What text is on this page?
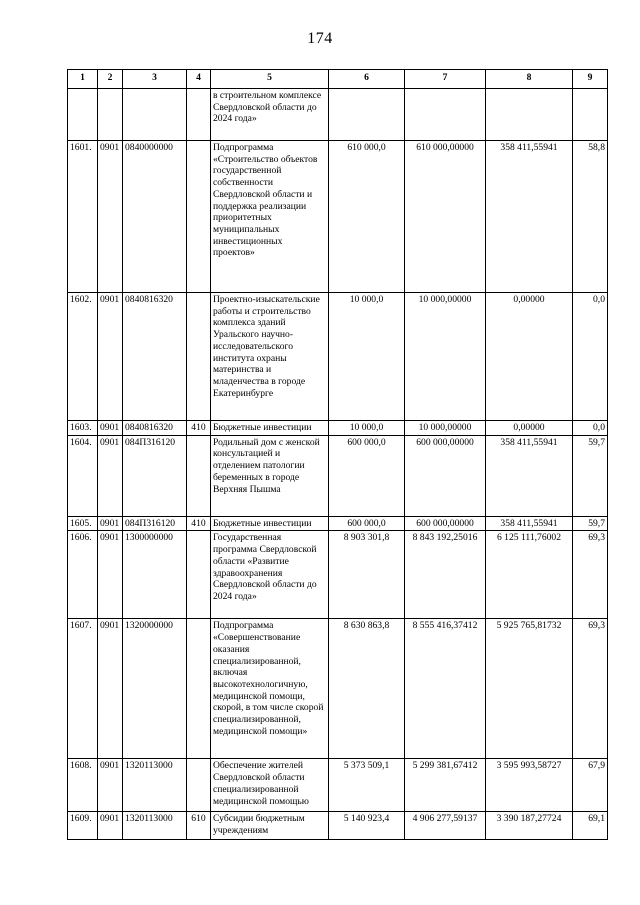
174
1	2	3	4	5	6	7	8	9
				в строительном комплексе Свердловской области до 2024 года»				
1601.	0901	0840000000		Подпрограмма «Строительство объектов государственной собственности Свердловской области и поддержка реализации приоритетных муниципальных инвестиционных проектов»	610 000,0	610 000,00000	358 411,55941	58,8
1602.	0901	0840816320		Проектно-изыскательские работы и строительство комплекса зданий Уральского научно-исследовательского института охраны материнства и младенчества в городе Екатеринбурге	10 000,0	10 000,00000	0,00000	0,0
1603.	0901	0840816320	410	Бюджетные инвестиции	10 000,0	10 000,00000	0,00000	0,0
1604.	0901	084П316120		Родильный дом с женской консультацией и отделением патологии беременных в городе Верхняя Пышма	600 000,0	600 000,00000	358 411,55941	59,7
1605.	0901	084П316120	410	Бюджетные инвестиции	600 000,0	600 000,00000	358 411,55941	59,7
1606.	0901	1300000000		Государственная программа Свердловской области «Развитие здравоохранения Свердловской области до 2024 года»	8 903 301,8	8 843 192,25016	6 125 111,76002	69,3
1607.	0901	1320000000		Подпрограмма «Совершенствование оказания специализированной, включая высокотехнологичную, медицинской помощи, скорой, в том числе скорой специализированной, медицинской помощи»	8 630 863,8	8 555 416,37412	5 925 765,81732	69,3
1608.	0901	1320113000		Обеспечение жителей Свердловской области специализированной медицинской помощью	5 373 509,1	5 299 381,67412	3 595 993,58727	67,9
1609.	0901	1320113000	610	Субсидии бюджетным учреждениям	5 140 923,4	4 906 277,59137	3 390 187,27724	69,1
